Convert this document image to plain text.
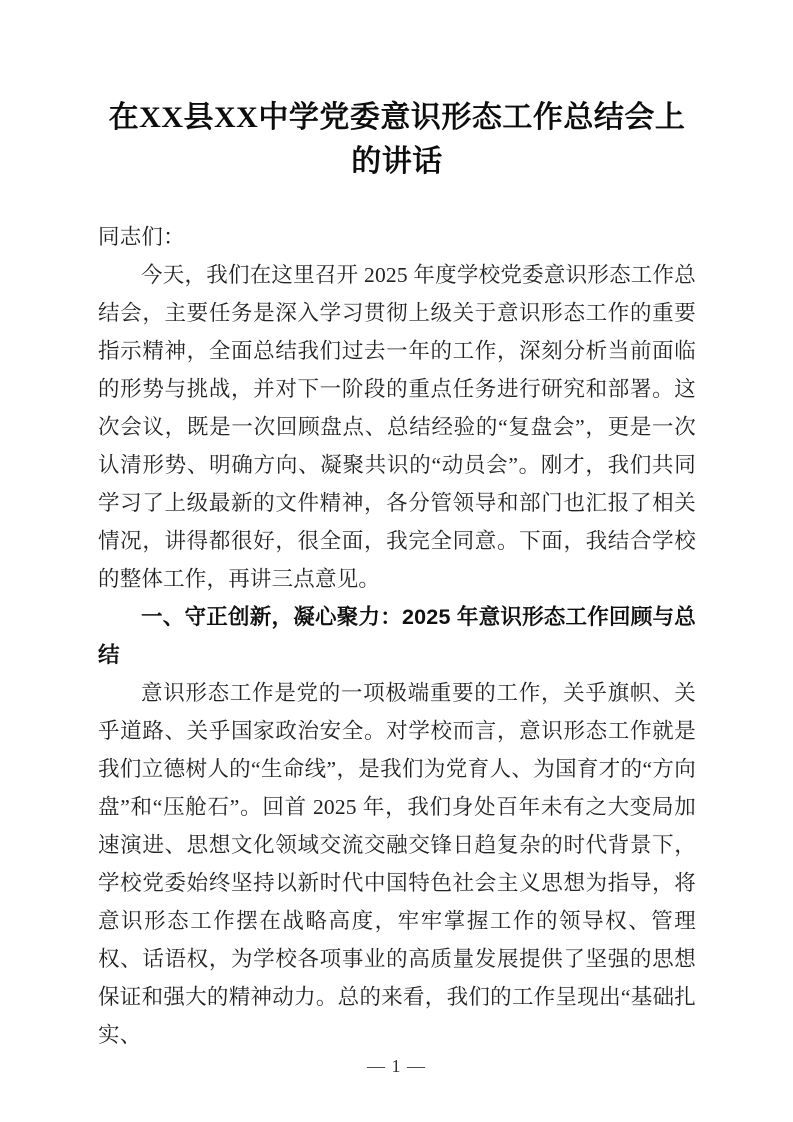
在XX县XX中学党委意识形态工作总结会上的讲话

同志们：

今天，我们在这里召开 2025 年度学校党委意识形态工作总结会，主要任务是深入学习贯彻上级关于意识形态工作的重要指示精神，全面总结我们过去一年的工作，深刻分析当前面临的形势与挑战，并对下一阶段的重点任务进行研究和部署。这次会议，既是一次回顾盘点、总结经验的“复盘会”，更是一次认清形势、明确方向、凝聚共识的“动员会”。刚才，我们共同学习了上级最新的文件精神，各分管领导和部门也汇报了相关情况，讲得都很好，很全面，我完全同意。下面，我结合学校的整体工作，再讲三点意见。

一、守正创新，凝心聚力：2025 年意识形态工作回顾与总结

意识形态工作是党的一项极端重要的工作，关乎旗帜、关乎道路、关乎国家政治安全。对学校而言，意识形态工作就是我们立德树人的“生命线”，是我们为党育人、为国育才的“方向盘”和“压舱石”。回首 2025 年，我们身处百年未有之大变局加速演进、思想文化领域交流交融交锋日趋复杂的时代背景下，学校党委始终坚持以新时代中国特色社会主义思想为指导，将意识形态工作摆在战略高度，牢牢掌握工作的领导权、管理权、话语权，为学校各项事业的高质量发展提供了坚强的思想保证和强大的精神动力。总的来看，我们的工作呈现出“基础扎实、

— 1 —
